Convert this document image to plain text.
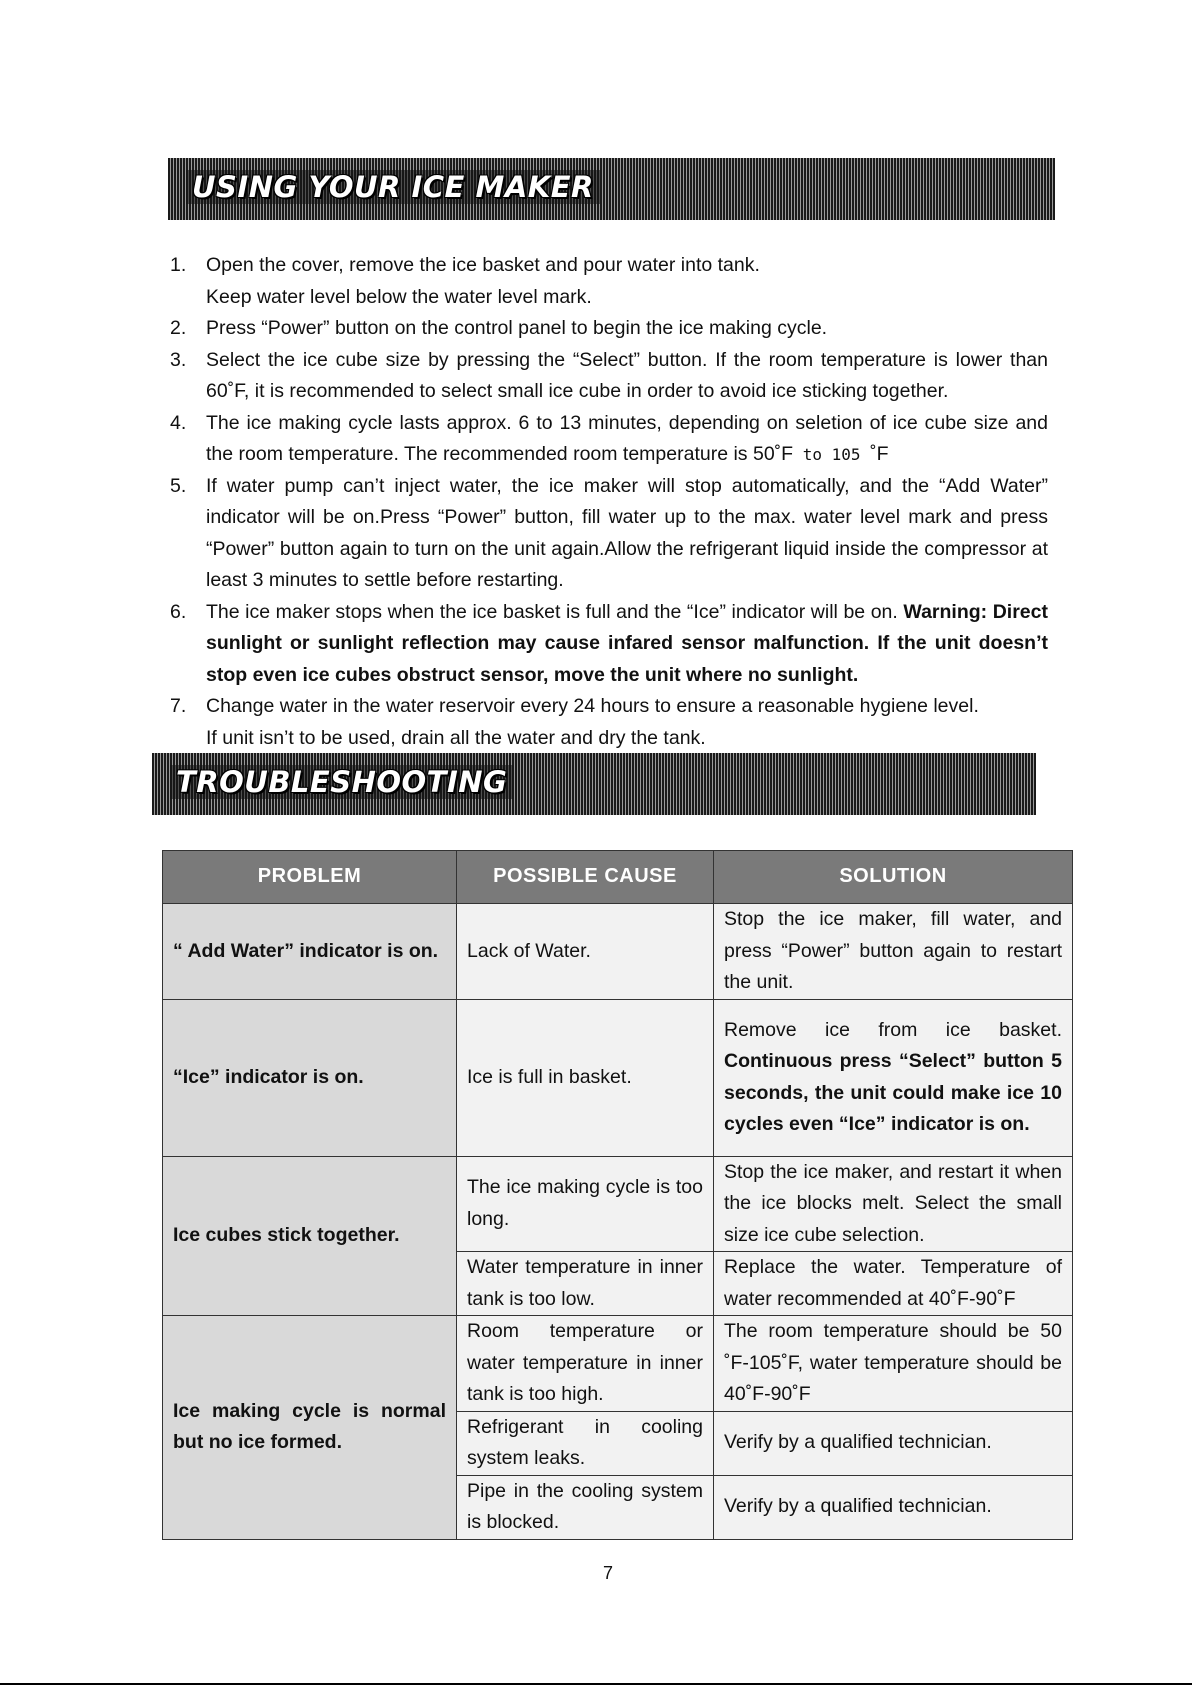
USING YOUR ICE MAKER
1. Open the cover, remove the ice basket and pour water into tank.
Keep water level below the water level mark.
2. Press “Power” button on the control panel to begin the ice making cycle.
3. Select the ice cube size by pressing the “Select” button. If the room temperature is lower than 60˚F, it is recommended to select small ice cube in order to avoid ice sticking together.
4. The ice making cycle lasts approx. 6 to 13 minutes, depending on seletion of ice cube size and the room temperature. The recommended room temperature is 50˚F to 105 ˚F
5. If water pump can’t inject water, the ice maker will stop automatically, and the “Add Water” indicator will be on.Press “Power” button, fill water up to the max. water level mark and press “Power” button again to turn on the unit again.Allow the refrigerant liquid inside the compressor at least 3 minutes to settle before restarting.
6. The ice maker stops when the ice basket is full and the “Ice” indicator will be on. Warning: Direct sunlight or sunlight reflection may cause infared sensor malfunction. If the unit doesn’t stop even ice cubes obstruct sensor, move the unit where no sunlight.
7. Change water in the water reservoir every 24 hours to ensure a reasonable hygiene level.
If unit isn’t to be used, drain all the water and dry the tank.
TROUBLESHOOTING
PROBLEM	POSSIBLE CAUSE	SOLUTION
“ Add Water” indicator is on.	Lack of Water.	Stop the ice maker, fill water, and press “Power” button again to restart the unit.
“Ice” indicator is on.	Ice is full in basket.	Remove ice from ice basket. Continuous press “Select” button 5 seconds, the unit could make ice 10 cycles even “Ice” indicator is on.
Ice cubes stick together.	The ice making cycle is too long.	Stop the ice maker, and restart it when the ice blocks melt. Select the small size ice cube selection.
	Water temperature in inner tank is too low.	Replace the water. Temperature of water recommended at 40˚F-90˚F
Ice making cycle is normal but no ice formed.	Room temperature or water temperature in inner tank is too high.	The room temperature should be 50 ˚F-105˚F, water temperature should be 40˚F-90˚F
	Refrigerant in cooling system leaks.	Verify by a qualified technician.
	Pipe in the cooling system is blocked.	Verify by a qualified technician.
7
